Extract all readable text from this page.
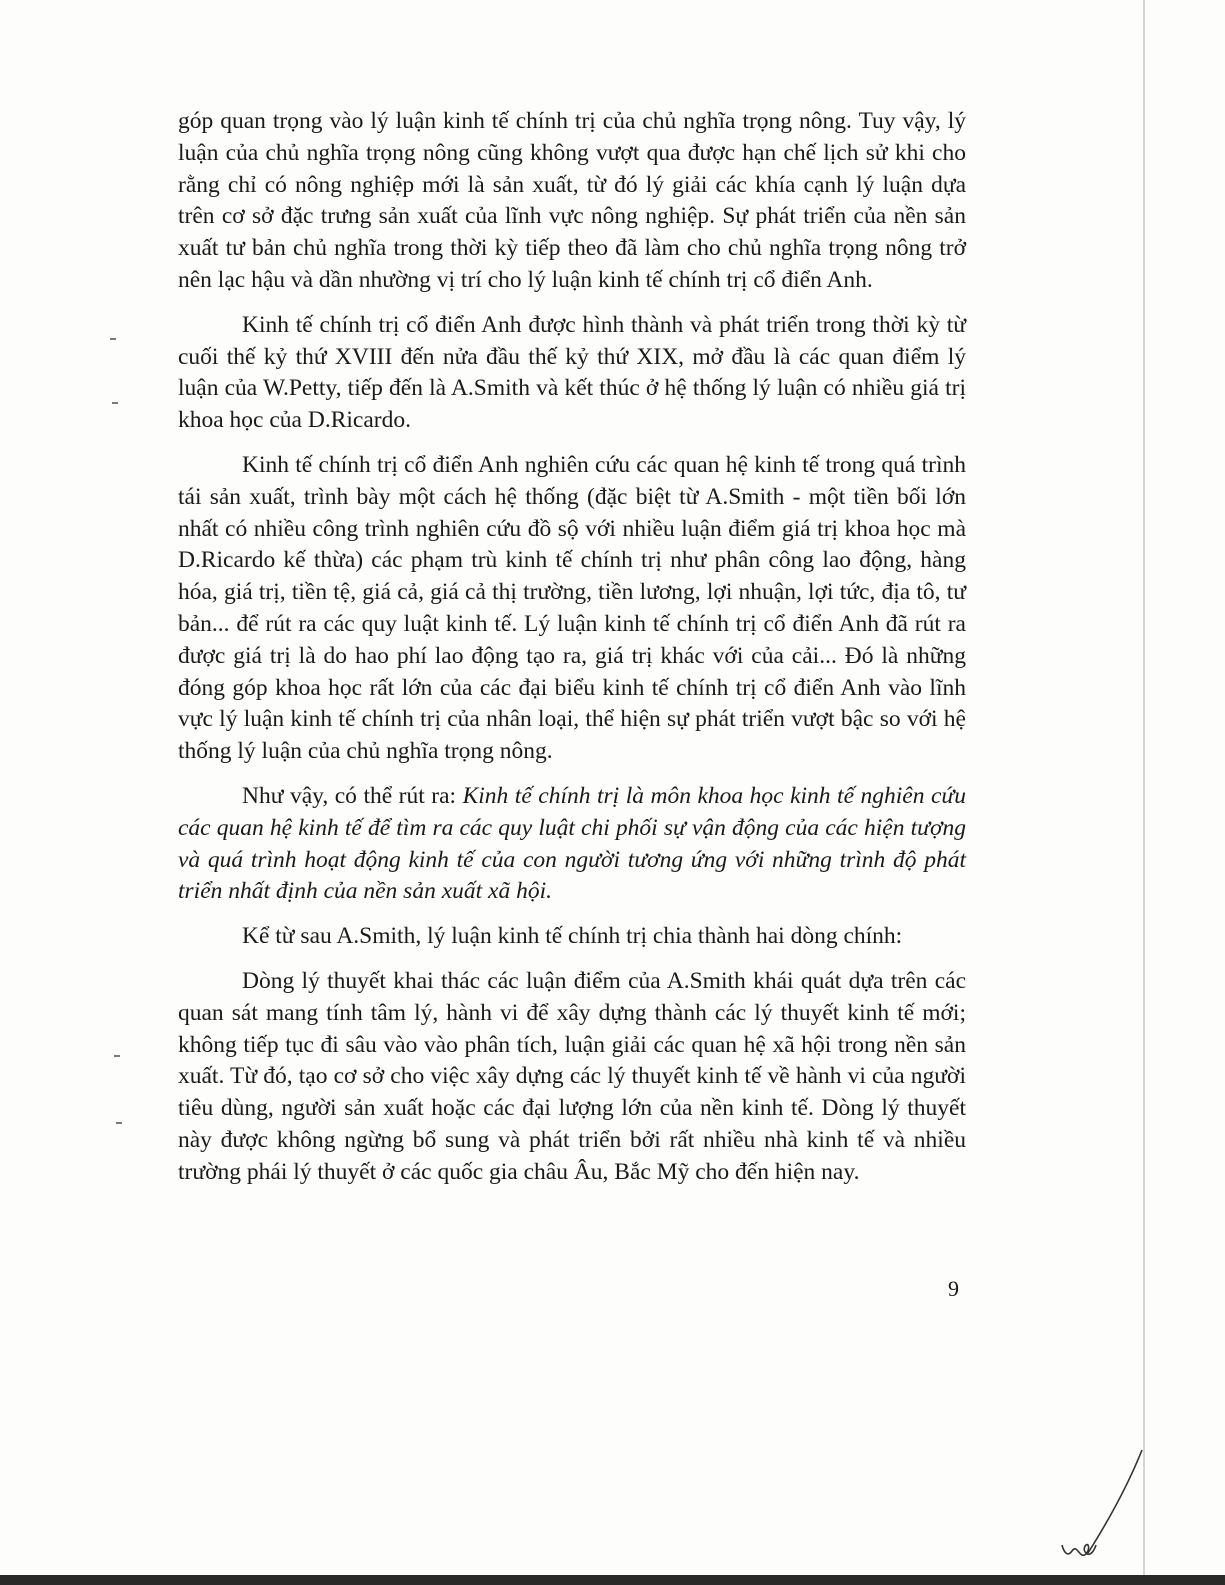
góp quan trọng vào lý luận kinh tế chính trị của chủ nghĩa trọng nông. Tuy vậy, lý luận của chủ nghĩa trọng nông cũng không vượt qua được hạn chế lịch sử khi cho rằng chỉ có nông nghiệp mới là sản xuất, từ đó lý giải các khía cạnh lý luận dựa trên cơ sở đặc trưng sản xuất của lĩnh vực nông nghiệp. Sự phát triển của nền sản xuất tư bản chủ nghĩa trong thời kỳ tiếp theo đã làm cho chủ nghĩa trọng nông trở nên lạc hậu và dần nhường vị trí cho lý luận kinh tế chính trị cổ điển Anh.

Kinh tế chính trị cổ điển Anh được hình thành và phát triển trong thời kỳ từ cuối thế kỷ thứ XVIII đến nửa đầu thế kỷ thứ XIX, mở đầu là các quan điểm lý luận của W.Petty, tiếp đến là A.Smith và kết thúc ở hệ thống lý luận có nhiều giá trị khoa học của D.Ricardo.

Kinh tế chính trị cổ điển Anh nghiên cứu các quan hệ kinh tế trong quá trình tái sản xuất, trình bày một cách hệ thống (đặc biệt từ A.Smith - một tiền bối lớn nhất có nhiều công trình nghiên cứu đồ sộ với nhiều luận điểm giá trị khoa học mà D.Ricardo kế thừa) các phạm trù kinh tế chính trị như phân công lao động, hàng hóa, giá trị, tiền tệ, giá cả, giá cả thị trường, tiền lương, lợi nhuận, lợi tức, địa tô, tư bản... để rút ra các quy luật kinh tế. Lý luận kinh tế chính trị cổ điển Anh đã rút ra được giá trị là do hao phí lao động tạo ra, giá trị khác với của cải... Đó là những đóng góp khoa học rất lớn của các đại biểu kinh tế chính trị cổ điển Anh vào lĩnh vực lý luận kinh tế chính trị của nhân loại, thể hiện sự phát triển vượt bậc so với hệ thống lý luận của chủ nghĩa trọng nông.

Như vậy, có thể rút ra: Kinh tế chính trị là môn khoa học kinh tế nghiên cứu các quan hệ kinh tế để tìm ra các quy luật chi phối sự vận động của các hiện tượng và quá trình hoạt động kinh tế của con người tương ứng với những trình độ phát triển nhất định của nền sản xuất xã hội.

Kể từ sau A.Smith, lý luận kinh tế chính trị chia thành hai dòng chính:

Dòng lý thuyết khai thác các luận điểm của A.Smith khái quát dựa trên các quan sát mang tính tâm lý, hành vi để xây dựng thành các lý thuyết kinh tế mới; không tiếp tục đi sâu vào vào phân tích, luận giải các quan hệ xã hội trong nền sản xuất. Từ đó, tạo cơ sở cho việc xây dựng các lý thuyết kinh tế về hành vi của người tiêu dùng, người sản xuất hoặc các đại lượng lớn của nền kinh tế. Dòng lý thuyết này được không ngừng bổ sung và phát triển bởi rất nhiều nhà kinh tế và nhiều trường phái lý thuyết ở các quốc gia châu Âu, Bắc Mỹ cho đến hiện nay.

9
